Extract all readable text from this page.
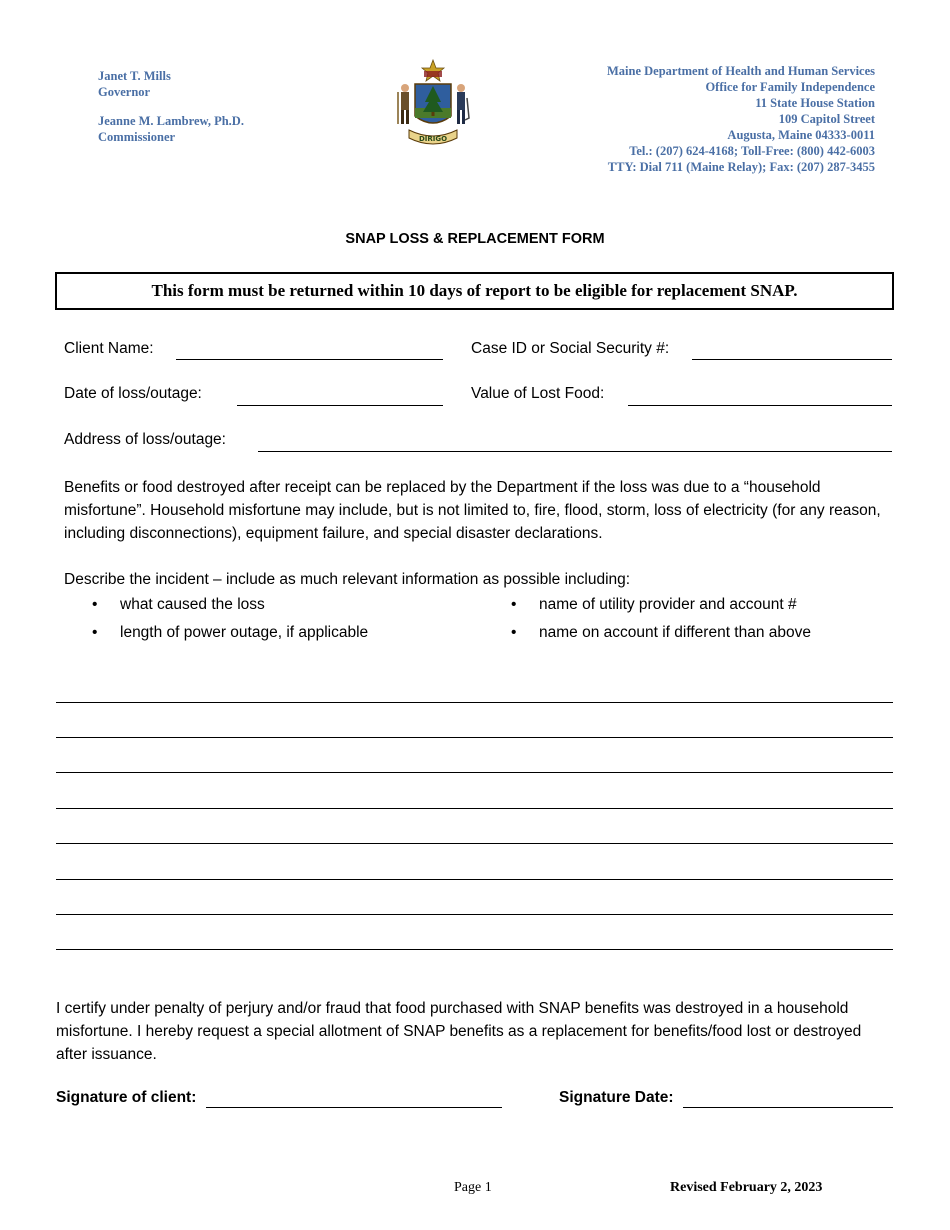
Janet T. Mills
Governor
Jeanne M. Lambrew, Ph.D.
Commissioner	DIRIGO
Maine Department of Health and Human Services
Office for Family Independence
11 State House Station
109 Capitol Street
Augusta, Maine 04333-0011
Tel.: (207) 624-4168; Toll-Free: (800) 442-6003
TTY: Dial 711 (Maine Relay); Fax: (207) 287-3455
SNAP LOSS & REPLACEMENT FORM
This form must be returned within 10 days of report to be eligible for replacement SNAP.
Client Name:	Case ID or Social Security #:
Date of loss/outage:	Value of Lost Food:
Address of loss/outage:
Benefits or food destroyed after receipt can be replaced by the Department if the loss was due to a “household misfortune”. Household misfortune may include, but is not limited to, fire, flood, storm, loss of electricity (for any reason, including disconnections), equipment failure, and special disaster declarations.
Describe the incident – include as much relevant information as possible including:
•	what caused the loss
•	length of power outage, if applicable
•	name of utility provider and account #
•	name on account if different than above
I certify under penalty of perjury and/or fraud that food purchased with SNAP benefits was destroyed in a household misfortune. I hereby request a special allotment of SNAP benefits as a replacement for benefits/food lost or destroyed after issuance.
Signature of client:	Signature Date:
Page 1	Revised February 2, 2023
